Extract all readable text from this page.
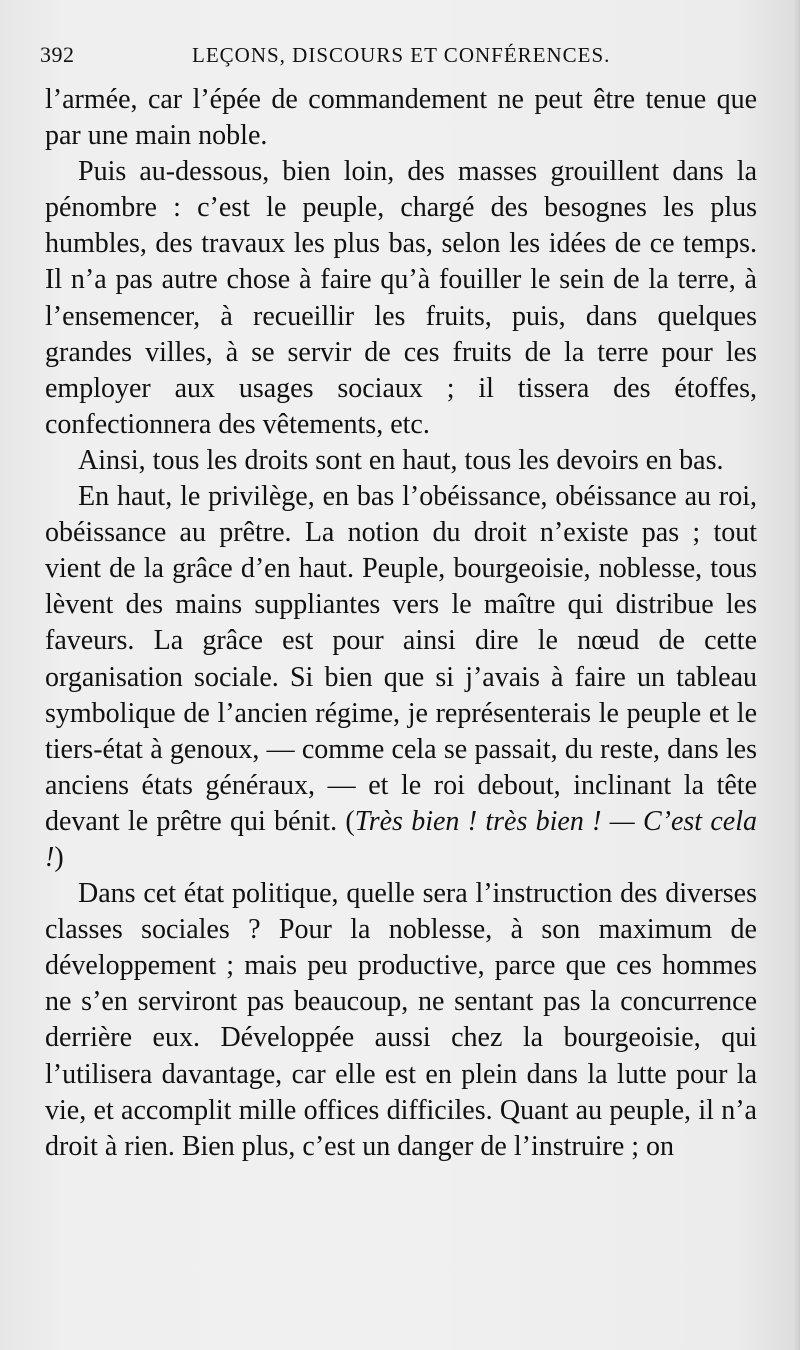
392	LEÇONS, DISCOURS ET CONFÉRENCES.

l’armée, car l’épée de commandement ne peut être tenue que par une main noble.

Puis au-dessous, bien loin, des masses grouillent dans la pénombre : c’est le peuple, chargé des besognes les plus humbles, des travaux les plus bas, selon les idées de ce temps. Il n’a pas autre chose à faire qu’à fouiller le sein de la terre, à l’ensemencer, à recueillir les fruits, puis, dans quelques grandes villes, à se servir de ces fruits de la terre pour les employer aux usages sociaux ; il tissera des étoffes, confectionnera des vêtements, etc.

Ainsi, tous les droits sont en haut, tous les devoirs en bas.

En haut, le privilège, en bas l’obéissance, obéissance au roi, obéissance au prêtre. La notion du droit n’existe pas ; tout vient de la grâce d’en haut. Peuple, bourgeoisie, noblesse, tous lèvent des mains suppliantes vers le maître qui distribue les faveurs. La grâce est pour ainsi dire le nœud de cette organisation sociale. Si bien que si j’avais à faire un tableau symbolique de l’ancien régime, je représenterais le peuple et le tiers-état à genoux, — comme cela se passait, du reste, dans les anciens états généraux, — et le roi debout, inclinant la tête devant le prêtre qui bénit. (Très bien ! très bien ! — C’est cela !)

Dans cet état politique, quelle sera l’instruction des diverses classes sociales ? Pour la noblesse, à son maximum de développement ; mais peu productive, parce que ces hommes ne s’en serviront pas beaucoup, ne sentant pas la concurrence derrière eux. Développée aussi chez la bourgeoisie, qui l’utilisera davantage, car elle est en plein dans la lutte pour la vie, et accomplit mille offices difficiles. Quant au peuple, il n’a droit à rien. Bien plus, c’est un danger de l’instruire ; on
